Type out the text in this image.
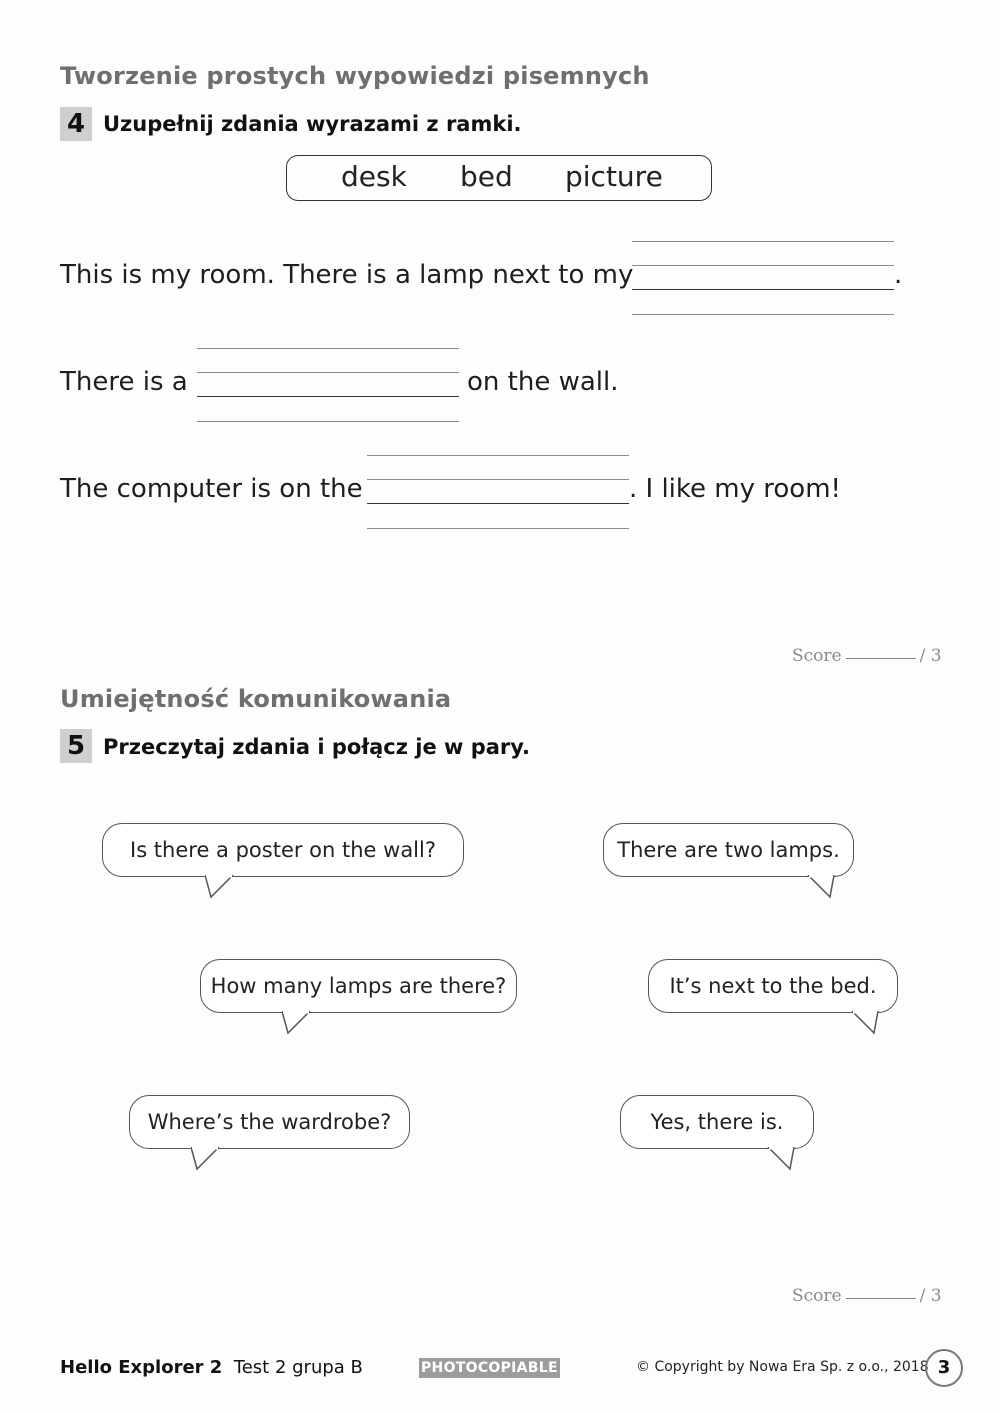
Tworzenie prostych wypowiedzi pisemnych
4 Uzupełnij zdania wyrazami z ramki.
desk bed picture
This is my room. There is a lamp next to my	.
There is a	on the wall.
The computer is on the	. I like my room!
Score	/ 3
Umiejętność komunikowania
5 Przeczytaj zdania i połącz je w pary.
Is there a poster on the wall?
How many lamps are there?
Where’s the wardrobe?
There are two lamps.
It’s next to the bed.
Yes, there is.
Score	/ 3
Hello Explorer 2 Test 2 grupa B	PHOTOCOPIABLE	© Copyright by Nowa Era Sp. z o.o., 2018 3
